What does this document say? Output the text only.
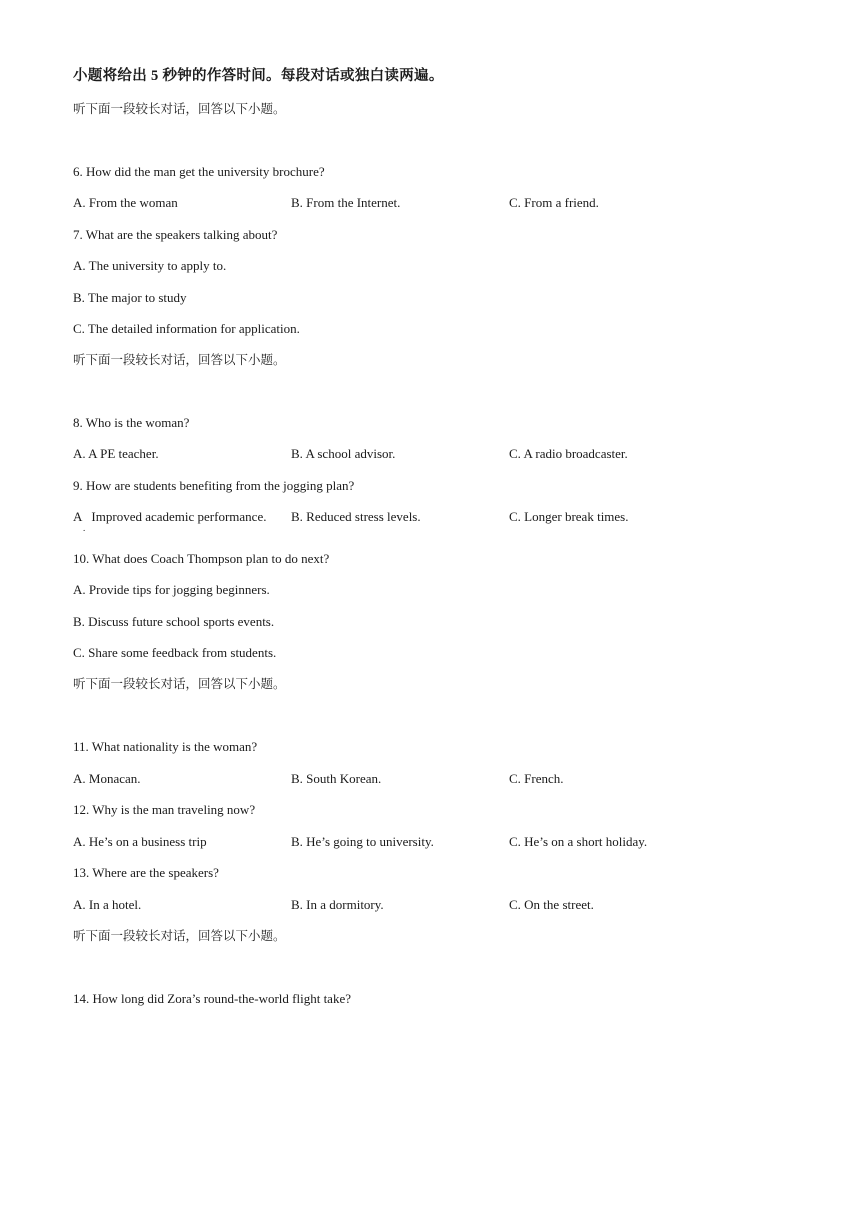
小题将给出 5 秒钟的作答时间。每段对话或独白读两遍。
听下面一段较长对话，回答以下小题。
6. How did the man get the university brochure?
A. From the woman	B. From the Internet.	C. From a friend.
7. What are the speakers talking about?
A. The university to apply to.
B. The major to study
C. The detailed information for application.
听下面一段较长对话，回答以下小题。
8. Who is the woman?
A. A PE teacher.	B. A school advisor.	C. A radio broadcaster.
9. How are students benefiting from the jogging plan?
A   Improved academic performance.
.
B. Reduced stress levels.	C. Longer break times.
10. What does Coach Thompson plan to do next?
A. Provide tips for jogging beginners.
B. Discuss future school sports events.
C. Share some feedback from students.
听下面一段较长对话，回答以下小题。
11. What nationality is the woman?
A. Monacan.	B. South Korean.	C. French.
12. Why is the man traveling now?
A. He’s on a business trip	B. He’s going to university.	C. He’s on a short holiday.
13. Where are the speakers?
A. In a hotel.	B. In a dormitory.	C. On the street.
听下面一段较长对话，回答以下小题。
14. How long did Zora’s round-the-world flight take?
